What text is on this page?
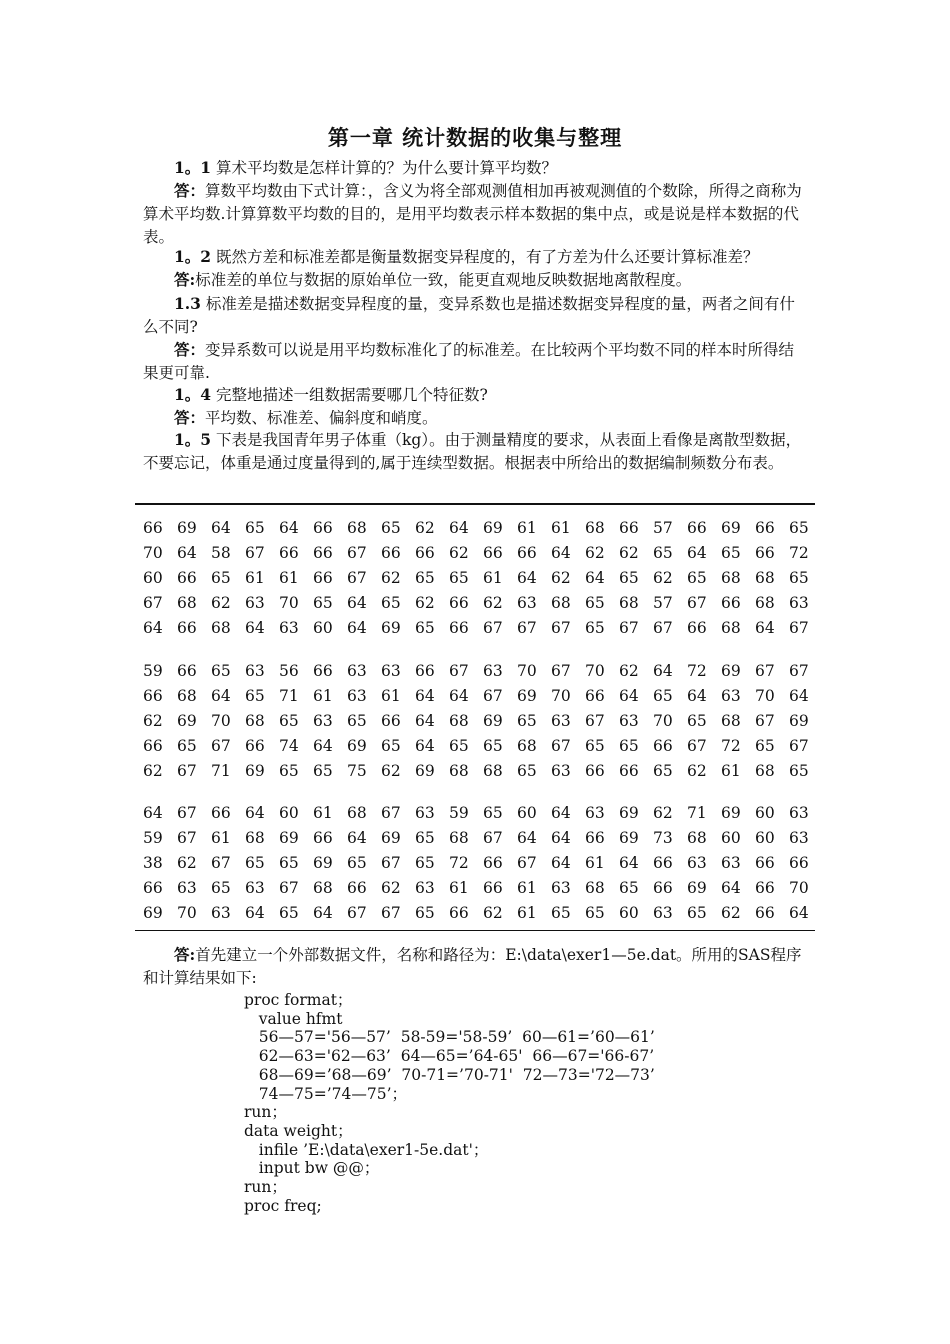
第一章 统计数据的收集与整理
1。1 算术平均数是怎样计算的？为什么要计算平均数？
答：算数平均数由下式计算：，含义为将全部观测值相加再被观测值的个数除，所得之商称为算术平均数.计算算数平均数的目的，是用平均数表示样本数据的集中点，或是说是样本数据的代表。
1。2 既然方差和标准差都是衡量数据变异程度的，有了方差为什么还要计算标准差？
答:标准差的单位与数据的原始单位一致，能更直观地反映数据地离散程度。
1.3 标准差是描述数据变异程度的量，变异系数也是描述数据变异程度的量，两者之间有什么不同?
答：变异系数可以说是用平均数标准化了的标准差。在比较两个平均数不同的样本时所得结果更可靠.
1。4 完整地描述一组数据需要哪几个特征数?
答：平均数、标准差、偏斜度和峭度。
1。5 下表是我国青年男子体重（kg）。由于测量精度的要求，从表面上看像是离散型数据，不要忘记，体重是通过度量得到的,属于连续型数据。根据表中所给出的数据编制频数分布表。
66 69 64 65 64 66 68 65 62 64 69 61 61 68 66 57 66 69 66 65
70 64 58 67 66 66 67 66 66 62 66 66 64 62 62 65 64 65 66 72
60 66 65 61 61 66 67 62 65 65 61 64 62 64 65 62 65 68 68 65
67 68 62 63 70 65 64 65 62 66 62 63 68 65 68 57 67 66 68 63
64 66 68 64 63 60 64 69 65 66 67 67 67 65 67 67 66 68 64 67
59 66 65 63 56 66 63 63 66 67 63 70 67 70 62 64 72 69 67 67
66 68 64 65 71 61 63 61 64 64 67 69 70 66 64 65 64 63 70 64
62 69 70 68 65 63 65 66 64 68 69 65 63 67 63 70 65 68 67 69
66 65 67 66 74 64 69 65 64 65 65 68 67 65 65 66 67 72 65 67
62 67 71 69 65 65 75 62 69 68 68 65 63 66 66 65 62 61 68 65
64 67 66 64 60 61 68 67 63 59 65 60 64 63 69 62 71 69 60 63
59 67 61 68 69 66 64 69 65 68 67 64 64 66 69 73 68 60 60 63
38 62 67 65 65 69 65 67 65 72 66 67 64 61 64 66 63 63 66 66
66 63 65 63 67 68 66 62 63 61 66 61 63 68 65 66 69 64 66 70
69 70 63 64 65 64 67 67 65 66 62 61 65 65 60 63 65 62 66 64
答:首先建立一个外部数据文件，名称和路径为：E:\data\exer1—5e.dat。所用的SAS程序和计算结果如下:
proc format；
value hfmt
56—57='56—57’  58-59='58-59’  60—61=’60—61’
62—63='62—63’  64—65=’64-65'  66—67='66-67’
68—69=’68—69’  70-71=’70-71'  72—73='72—73’
74—75=’74—75’；
run；
data weight；
infile ’E:\data\exer1-5e.dat'；
input bw @@；
run；
proc freq;
